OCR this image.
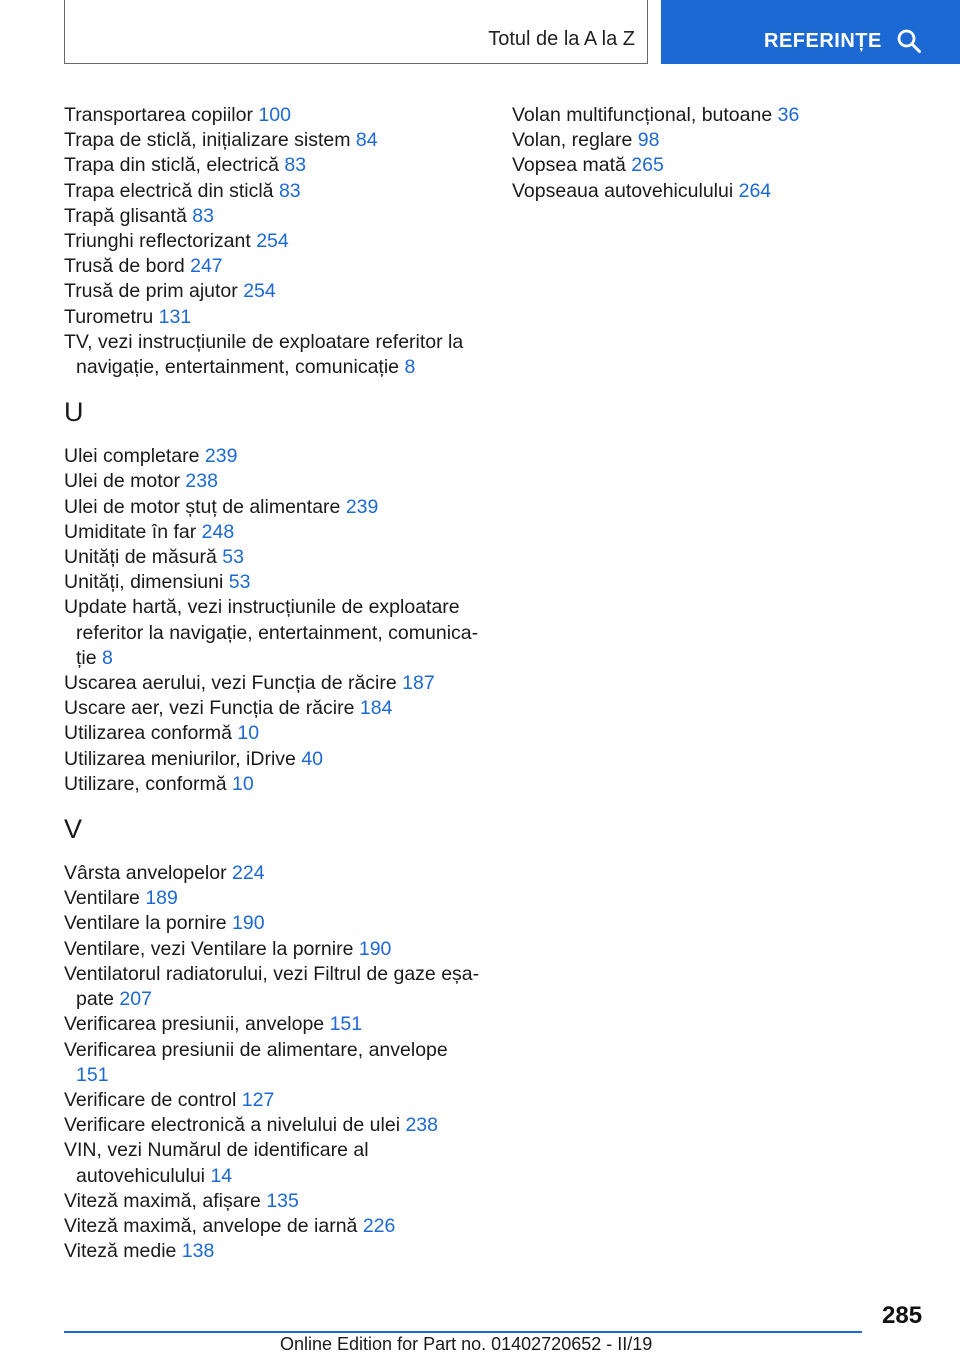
Totul de la A la Z	REFERINȚE

Transportarea copiilor 100

Trapa de sticlă, inițializare sistem 84

Trapa din sticlă, electrică 83

Trapa electrică din sticlă 83

Trapă glisantă 83

Triunghi reflectorizant 254

Trusă de bord 247

Trusă de prim ajutor 254

Turometru 131

TV, vezi instrucțiunile de exploatare referitor la navigație, entertainment, comunicație 8

U

Ulei completare 239

Ulei de motor 238

Ulei de motor ștuț de alimentare 239

Umiditate în far 248

Unități de măsură 53

Unități, dimensiuni 53

Update hartă, vezi instrucțiunile de exploatare referitor la navigație, entertainment, comunicație 8

Uscarea aerului, vezi Funcția de răcire 187

Uscare aer, vezi Funcția de răcire 184

Utilizarea conformă 10

Utilizarea meniurilor, iDrive 40

Utilizare, conformă 10

V

Vârsta anvelopelor 224

Ventilare 189

Ventilare la pornire 190

Ventilare, vezi Ventilare la pornire 190

Ventilatorul radiatorului, vezi Filtrul de gaze eșapate 207

Verificarea presiunii, anvelope 151

Verificarea presiunii de alimentare, anvelope 151

Verificare de control 127

Verificare electronică a nivelului de ulei 238

VIN, vezi Numărul de identificare al autovehiculului 14

Viteză maximă, afișare 135

Viteză maximă, anvelope de iarnă 226

Viteză medie 138

Volan multifuncțional, butoane 36

Volan, reglare 98

Vopsea mată 265

Vopseaua autovehiculului 264

285
Online Edition for Part no. 01402720652 - II/19
